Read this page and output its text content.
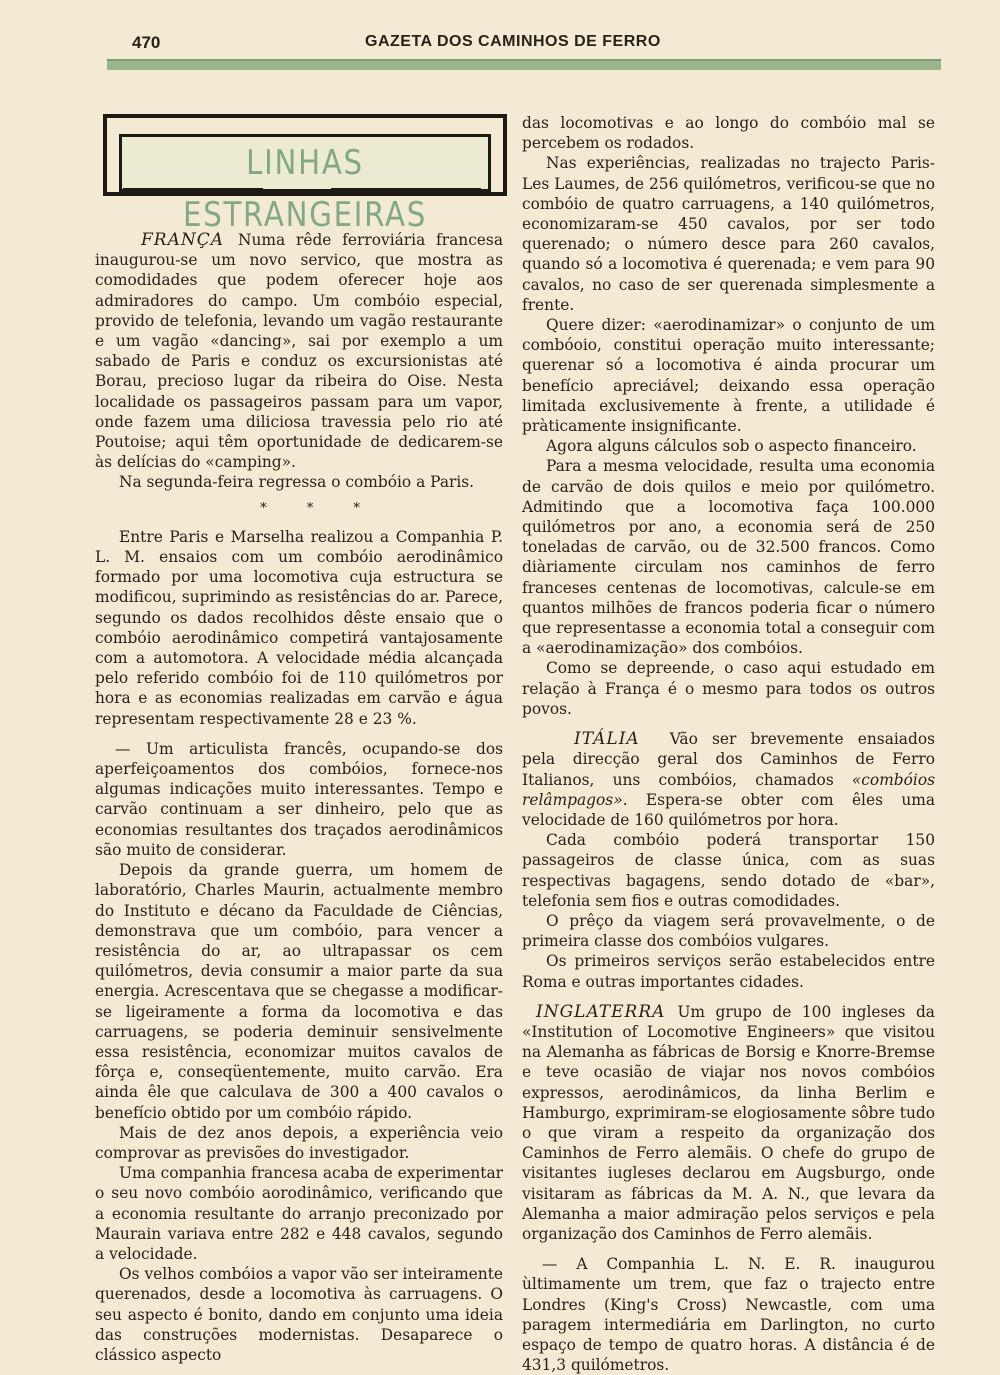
470	GAZETA DOS CAMINHOS DE FERRO
LINHAS ESTRANGEIRAS

FRANÇA Numa rêde ferroviária francesa inaugurou-se um novo servico, que mostra as comodidades que podem oferecer hoje aos admiradores do campo. Um combóio especial, provido de telefonia, levando um vagão restaurante e um vagão «dancing», sai por exemplo a um sabado de Paris e conduz os excursionistas até Borau, precioso lugar da ribeira do Oise. Nesta localidade os passageiros passam para um vapor, onde fazem uma diliciosa travessia pelo rio até Poutoise; aqui têm oportunidade de dedicarem-se às delícias do «camping».

Na segunda-feira regressa o combóio a Paris.

* * *

Entre Paris e Marselha realizou a Companhia P. L. M. ensaios com um combóio aerodinâmico formado por uma locomotiva cuja estructura se modificou, suprimindo as resistências do ar. Parece, segundo os dados recolhidos dêste ensaio que o combóio aerodinâmico competirá vantajosamente com a automotora. A velocidade média alcançada pelo referido combóio foi de 110 quilómetros por hora e as economias realizadas em carvão e água representam respectivamente 28 e 23 %.

— Um articulista francês, ocupando-se dos aperfeiçoamentos dos combóios, fornece-nos algumas indicações muito interessantes. Tempo e carvão continuam a ser dinheiro, pelo que as economias resultantes dos traçados aerodinâmicos são muito de considerar.

Depois da grande guerra, um homem de laboratório, Charles Maurin, actualmente membro do Instituto e décano da Faculdade de Ciências, demonstrava que um combóio, para vencer a resistência do ar, ao ultrapassar os cem quilómetros, devia consumir a maior parte da sua energia. Acrescentava que se chegasse a modificar-se ligeiramente a forma da locomotiva e das carruagens, se poderia deminuir sensivelmente essa resistência, economizar muitos cavalos de fôrça e, conseqüentemente, muito carvão. Era ainda êle que calculava de 300 a 400 cavalos o benefício obtido por um combóio rápido.

Mais de dez anos depois, a experiência veio comprovar as previsões do investigador.

Uma companhia francesa acaba de experimentar o seu novo combóio aorodinâmico, verificando que a economia resultante do arranjo preconizado por Maurain variava entre 282 e 448 cavalos, segundo a velocidade.

Os velhos combóios a vapor vão ser inteiramente querenados, desde a locomotiva às carruagens. O seu aspecto é bonito, dando em conjunto uma ideia das construções modernistas. Desaparece o clássico aspecto

das locomotivas e ao longo do combóio mal se percebem os rodados.

Nas experiências, realizadas no trajecto Paris-Les Laumes, de 256 quilómetros, verificou-se que no combóio de quatro carruagens, a 140 quilómetros, economizaram-se 450 cavalos, por ser todo querenado; o número desce para 260 cavalos, quando só a locomotiva é querenada; e vem para 90 cavalos, no caso de ser querenada simplesmente a frente.

Quere dizer: «aerodinamizar» o conjunto de um combóoio, constitui operação muito interessante; querenar só a locomotiva é ainda procurar um benefício apreciável; deixando essa operação limitada exclusivemente à frente, a utilidade é pràticamente insignificante.

Agora alguns cálculos sob o aspecto financeiro.

Para a mesma velocidade, resulta uma economia de carvão de dois quilos e meio por quilómetro. Admitindo que a locomotiva faça 100.000 quilómetros por ano, a economia será de 250 toneladas de carvão, ou de 32.500 francos. Como diàriamente circulam nos caminhos de ferro franceses centenas de locomotivas, calcule-se em quantos milhões de francos poderia ficar o número que representasse a economia total a conseguir com a «aerodinamização» dos combóios.

Como se depreende, o caso aqui estudado em relação à França é o mesmo para todos os outros povos.

ITÁLIA Vão ser brevemente ensaiados pela direcção geral dos Caminhos de Ferro Italianos, uns combóios, chamados «combóios relâmpagos». Espera-se obter com êles uma velocidade de 160 quilómetros por hora.

Cada combóio poderá transportar 150 passageiros de classe única, com as suas respectivas bagagens, sendo dotado de «bar», telefonia sem fios e outras comodidades.

O prêço da viagem será provavelmente, o de primeira classe dos combóios vulgares.

Os primeiros serviços serão estabelecidos entre Roma e outras importantes cidades.

INGLATERRA Um grupo de 100 ingleses da «Institution of Locomotive Engineers» que visitou na Alemanha as fábricas de Borsig e Knorre-Bremse e teve ocasião de viajar nos novos combóios expressos, aerodinâmicos, da linha Berlim e Hamburgo, exprimiram-se elogiosamente sôbre tudo o que viram a respeito da organização dos Caminhos de Ferro alemãis. O chefe do grupo de visitantes iugleses declarou em Augsburgo, onde visitaram as fábricas da M. A. N., que levara da Alemanha a maior admiração pelos serviços e pela organização dos Caminhos de Ferro alemãis.

— A Companhia L. N. E. R. inaugurou ùltimamente um trem, que faz o trajecto entre Londres (King's Cross) Newcastle, com uma paragem intermediária em Darlington, no curto espaço de tempo de quatro horas. A distância é de 431,3 quilómetros.
